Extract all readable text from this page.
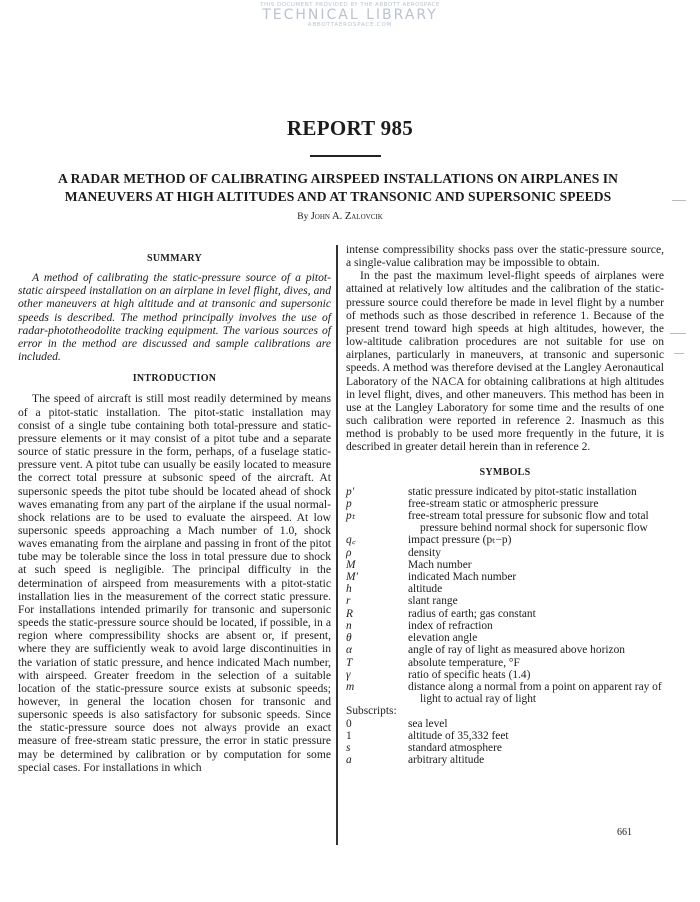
THIS DOCUMENT PROVIDED BY THE ABBOTT AEROSPACE
TECHNICAL LIBRARY
ABBOTTAEROSPACE.COM
REPORT 985
A RADAR METHOD OF CALIBRATING AIRSPEED INSTALLATIONS ON AIRPLANES IN
MANEUVERS AT HIGH ALTITUDES AND AT TRANSONIC AND SUPERSONIC SPEEDS
By John A. Zalovcik
SUMMARY

A method of calibrating the static-pressure source of a pitot-static airspeed installation on an airplane in level flight, dives, and other maneuvers at high altitude and at transonic and supersonic speeds is described. The method principally involves the use of radar-phototheodolite tracking equipment. The various sources of error in the method are discussed and sample calibrations are included.

INTRODUCTION

The speed of aircraft is still most readily determined by means of a pitot-static installation. The pitot-static installation may consist of a single tube containing both total-pressure and static-pressure elements or it may consist of a pitot tube and a separate source of static pressure in the form, perhaps, of a fuselage static-pressure vent. A pitot tube can usually be easily located to measure the correct total pressure at subsonic speed of the aircraft. At supersonic speeds the pitot tube should be located ahead of shock waves emanating from any part of the airplane if the usual normal-shock relations are to be used to evaluate the airspeed. At low supersonic speeds approaching a Mach number of 1.0, shock waves emanating from the airplane and passing in front of the pitot tube may be tolerable since the loss in total pressure due to shock at such speed is negligible. The principal difficulty in the determination of airspeed from measurements with a pitot-static installation lies in the measurement of the correct static pressure. For installations intended primarily for transonic and supersonic speeds the static-pressure source should be located, if possible, in a region where compressibility shocks are absent or, if present, where they are sufficiently weak to avoid large discontinuities in the variation of static pressure, and hence indicated Mach number, with airspeed. Greater freedom in the selection of a suitable location of the static-pressure source exists at subsonic speeds; however, in general the location chosen for transonic and supersonic speeds is also satisfactory for subsonic speeds. Since the static-pressure source does not always provide an exact measure of free-stream static pressure, the error in static pressure may be determined by calibration or by computation for some special cases. For installations in which

intense compressibility shocks pass over the static-pressure source, a single-value calibration may be impossible to obtain.

In the past the maximum level-flight speeds of airplanes were attained at relatively low altitudes and the calibration of the static-pressure source could therefore be made in level flight by a number of methods such as those described in reference 1. Because of the present trend toward high speeds at high altitudes, however, the low-altitude calibration procedures are not suitable for use on airplanes, particularly in maneuvers, at transonic and supersonic speeds. A method was therefore devised at the Langley Aeronautical Laboratory of the NACA for obtaining calibrations at high altitudes in level flight, dives, and other maneuvers. This method has been in use at the Langley Laboratory for some time and the results of one such calibration were reported in reference 2. Inasmuch as this method is probably to be used more frequently in the future, it is described in greater detail herein than in reference 2.

SYMBOLS
p′	static pressure indicated by pitot-static installation

p	free-stream static or atmospheric pressure

pₜ	free-stream total pressure for subsonic flow and total pressure behind normal shock for supersonic flow

q꜀	impact pressure (pₜ−p)

ρ	density

M	Mach number

M′	indicated Mach number

h	altitude

r	slant range

R	radius of earth; gas constant

n	index of refraction

θ	elevation angle

α	angle of ray of light as measured above horizon

T	absolute temperature, °F

γ	ratio of specific heats (1.4)

m	distance along a normal from a point on apparent ray of light to actual ray of light
Subscripts:
0	sea level

1	altitude of 35,332 feet

s	standard atmosphere

a	arbitrary altitude
661
